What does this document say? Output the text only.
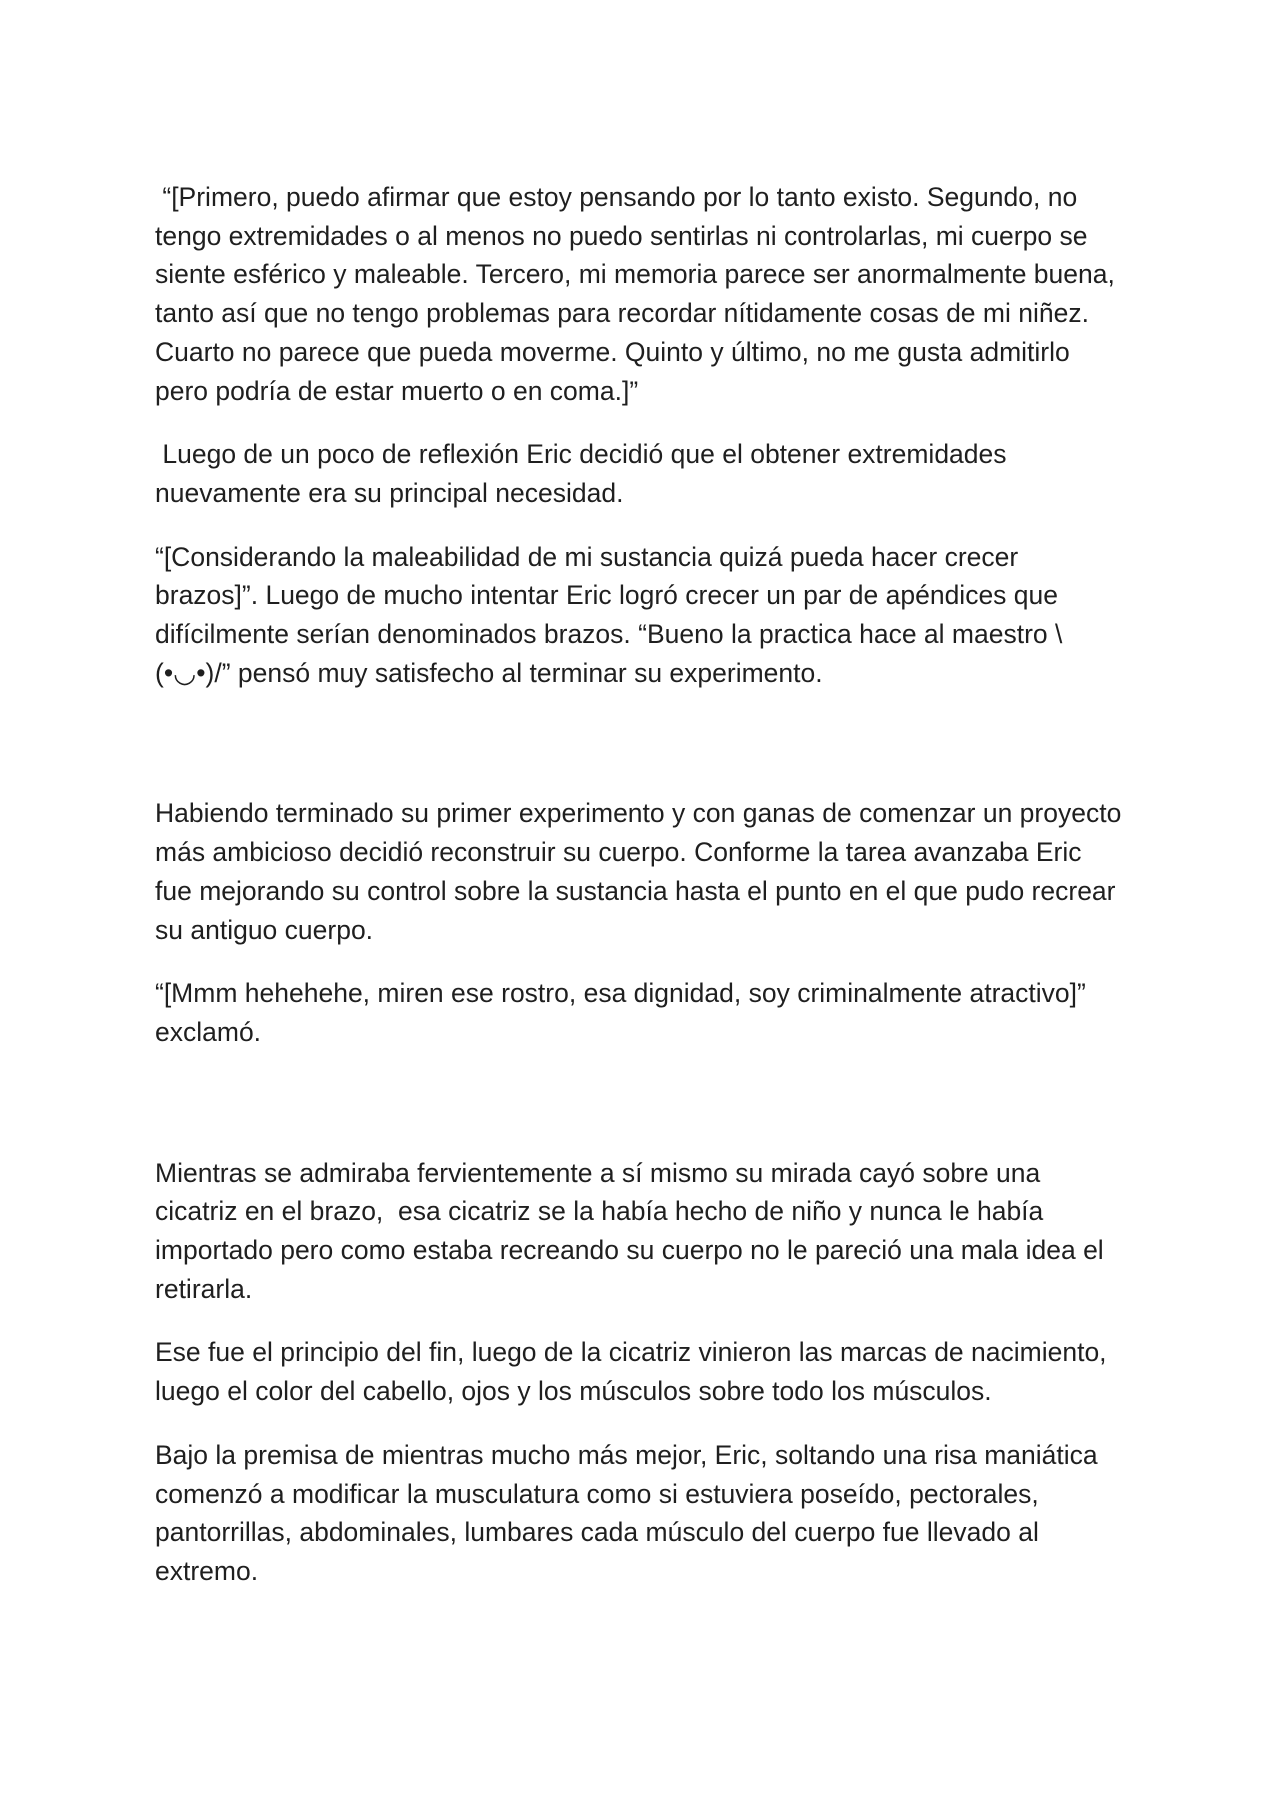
“[Primero, puedo afirmar que estoy pensando por lo tanto existo. Segundo, no tengo extremidades o al menos no puedo sentirlas ni controlarlas, mi cuerpo se siente esférico y maleable. Tercero, mi memoria parece ser anormalmente buena, tanto así que no tengo problemas para recordar nítidamente cosas de mi niñez. Cuarto no parece que pueda moverme. Quinto y último, no me gusta admitirlo pero podría de estar muerto o en coma.]”

Luego de un poco de reflexión Eric decidió que el obtener extremidades nuevamente era su principal necesidad.

“[Considerando la maleabilidad de mi sustancia quizá pueda hacer crecer brazos]”. Luego de mucho intentar Eric logró crecer un par de apéndices que difícilmente serían denominados brazos. “Bueno la practica hace al maestro \(•◡•)/” pensó muy satisfecho al terminar su experimento.

Habiendo terminado su primer experimento y con ganas de comenzar un proyecto más ambicioso decidió reconstruir su cuerpo. Conforme la tarea avanzaba Eric fue mejorando su control sobre la sustancia hasta el punto en el que pudo recrear su antiguo cuerpo.

“[Mmm hehehehe, miren ese rostro, esa dignidad, soy criminalmente atractivo]” exclamó.

Mientras se admiraba fervientemente a sí mismo su mirada cayó sobre una cicatriz en el brazo,  esa cicatriz se la había hecho de niño y nunca le había importado pero como estaba recreando su cuerpo no le pareció una mala idea el retirarla.

Ese fue el principio del fin, luego de la cicatriz vinieron las marcas de nacimiento, luego el color del cabello, ojos y los músculos sobre todo los músculos.

Bajo la premisa de mientras mucho más mejor, Eric, soltando una risa maniática comenzó a modificar la musculatura como si estuviera poseído, pectorales, pantorrillas, abdominales, lumbares cada músculo del cuerpo fue llevado al extremo.
